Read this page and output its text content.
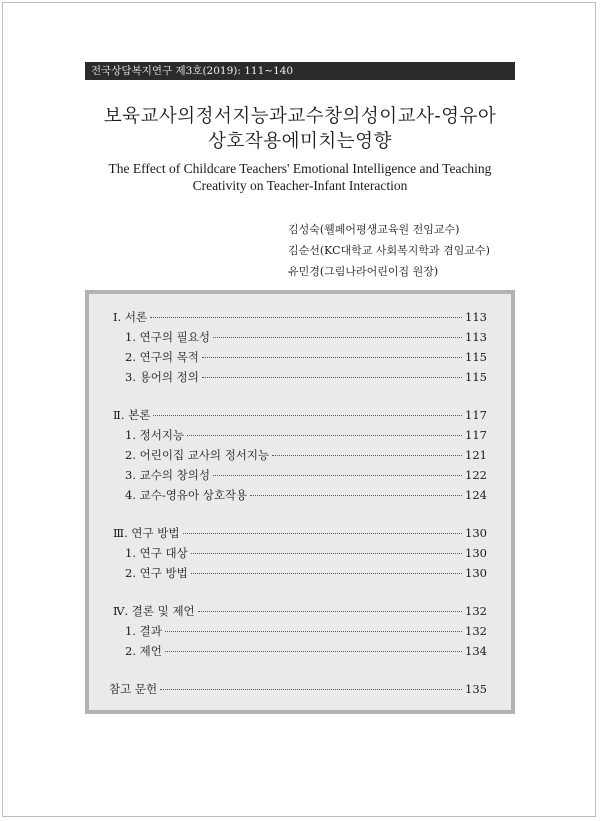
전국상담복지연구 제3호(2019): 111~140
보육교사의정서지능과교수창의성이교사-영유아
상호작용에미치는영향
The Effect of Childcare Teachers' Emotional Intelligence and Teaching
Creativity on Teacher-Infant Interaction
김성숙(웰페어평생교육원 전임교수)
김순선(KC대학교 사회복지학과 겸임교수)
유민경(그림나라어린이집 원장)
Ⅰ. 서론	113
1. 연구의 필요성	113
2. 연구의 목적	115
3. 용어의 정의	115
Ⅱ. 본론	117
1. 정서지능	117
2. 어린이집 교사의 정서지능	121
3. 교수의 창의성	122
4. 교수-영유아 상호작용	124
Ⅲ. 연구 방법	130
1. 연구 대상	130
2. 연구 방법	130
Ⅳ. 결론 및 제언	132
1. 결과	132
2. 제언	134
참고 문헌	135
